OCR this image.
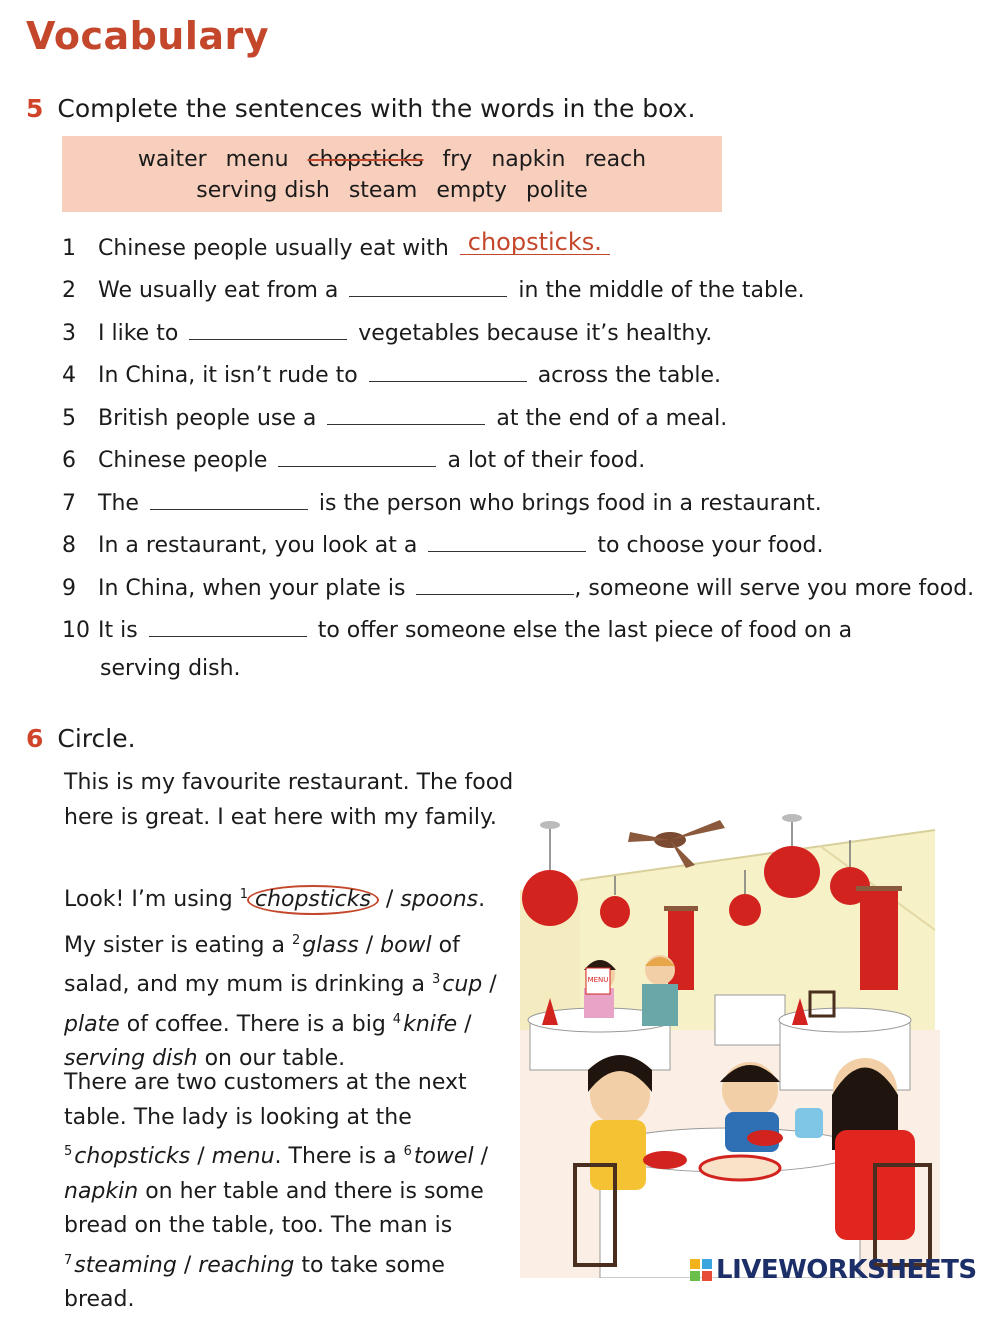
Vocabulary
5 Complete the sentences with the words in the box.
waiter menu chopsticks fry napkin reach
serving dish steam empty polite
1 Chinese people usually eat with chopsticks.
2 We usually eat from a	in the middle of the table.
3 I like to	vegetables because it’s healthy.
4 In China, it isn’t rude to	across the table.
5 British people use a	at the end of a meal.
6 Chinese people	a lot of their food.
7 The	is the person who brings food in a restaurant.
8 In a restaurant, you look at a	to choose your food.
9 In China, when your plate is	, someone will serve you more food.
10 It is	to offer someone else the last piece of food on a
serving dish.
6 Circle.
This is my favourite restaurant. The food here is great. I eat here with my family.
Look! I’m using $^1$ chopsticks / spoons.
My sister is eating a $^2$glass / bowl of salad, and my mum is drinking a $^3$cup / plate of coffee. There is a big $^4$knife / serving dish on our table.
There are two customers at the next table. The lady is looking at the $^5$chopsticks / menu. There is a $^6$towel / napkin on her table and there is some bread on the table, too. The man is $^7$steaming / reaching to take some bread.
MENU
LIVEWORKSHEETS
